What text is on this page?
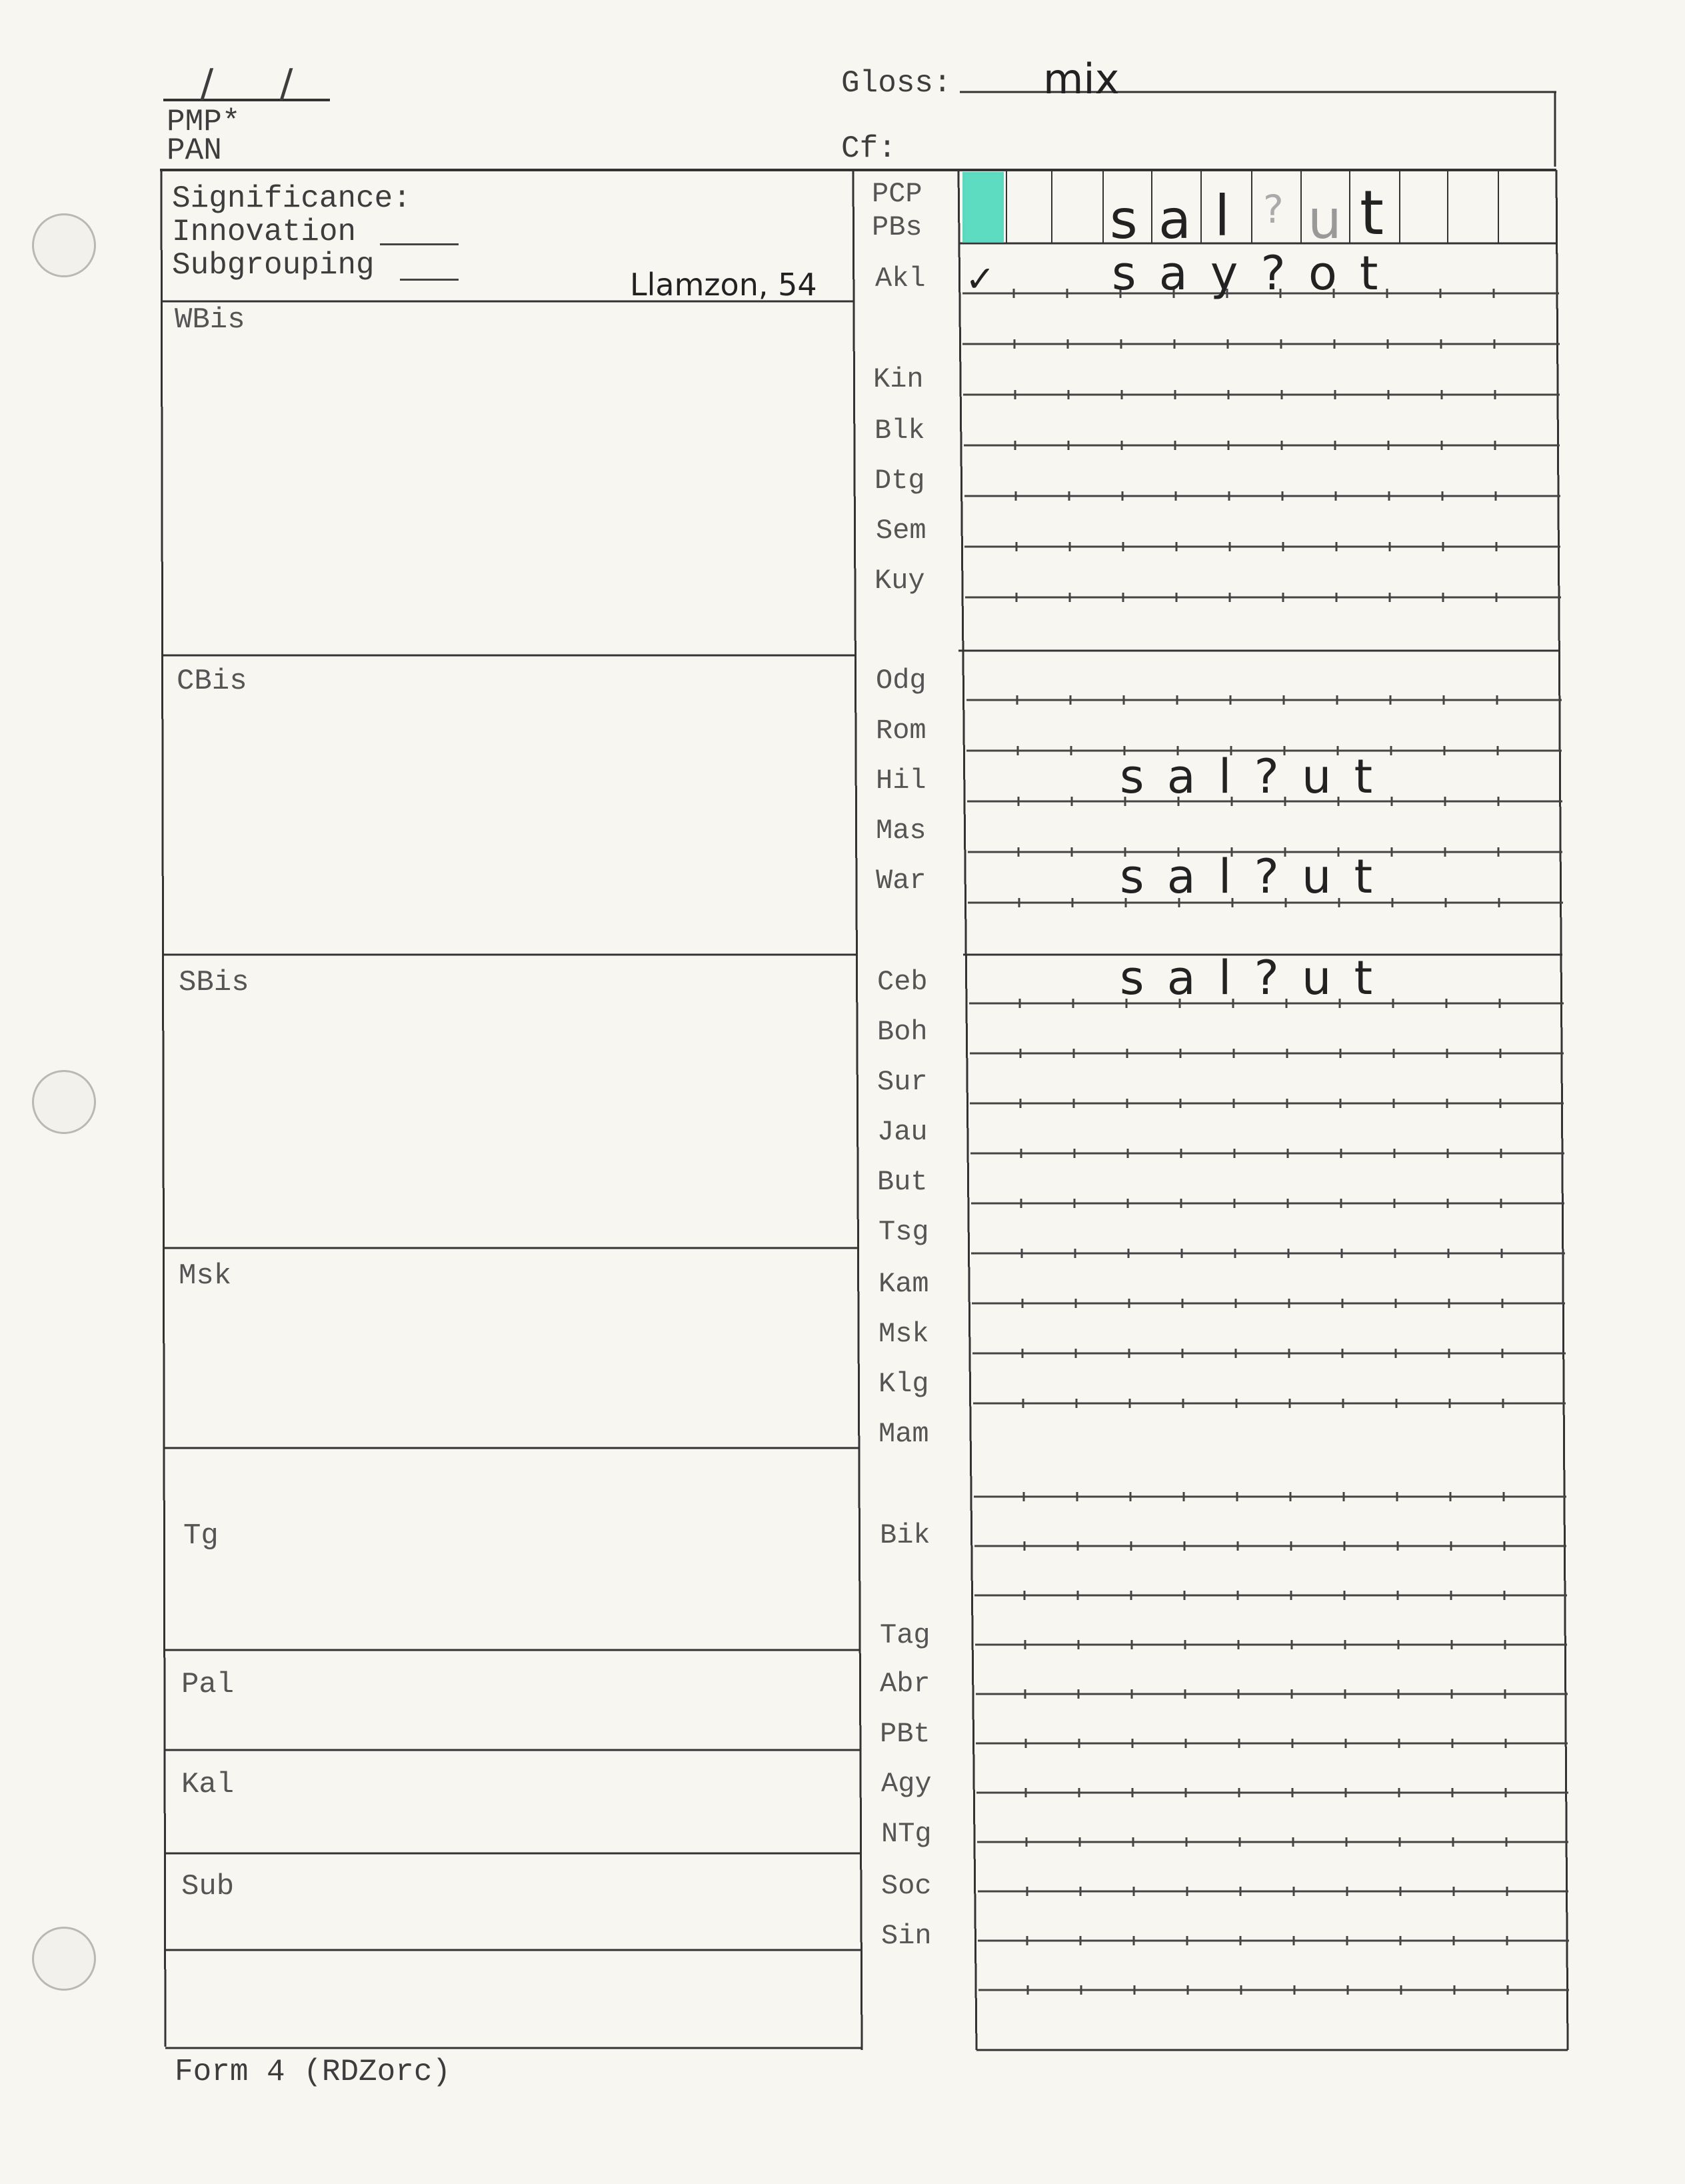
/ /
PMP*
PAN
Gloss: mix
Cf:
Significance:
Innovation
Subgrouping
Llamzon, 54
WBis
CBis
SBis
Msk
Tg
Pal
Kal
Sub
PCP
PBs
Akl
Kin
Blk
Dtg
Sem
Kuy
Odg
Rom
Hil
Mas
War
Ceb
Boh
Sur
Jau
But
Tsg
Kam
Msk
Klg
Mam
Bik
Tag
Abr
PBt
Agy
NTg
Soc
Sin
s a l ? u t
✓ s a y ? o t
s a l ? u t
s a l ? u t
s a l ? u t
Form 4 (RDZorc)
